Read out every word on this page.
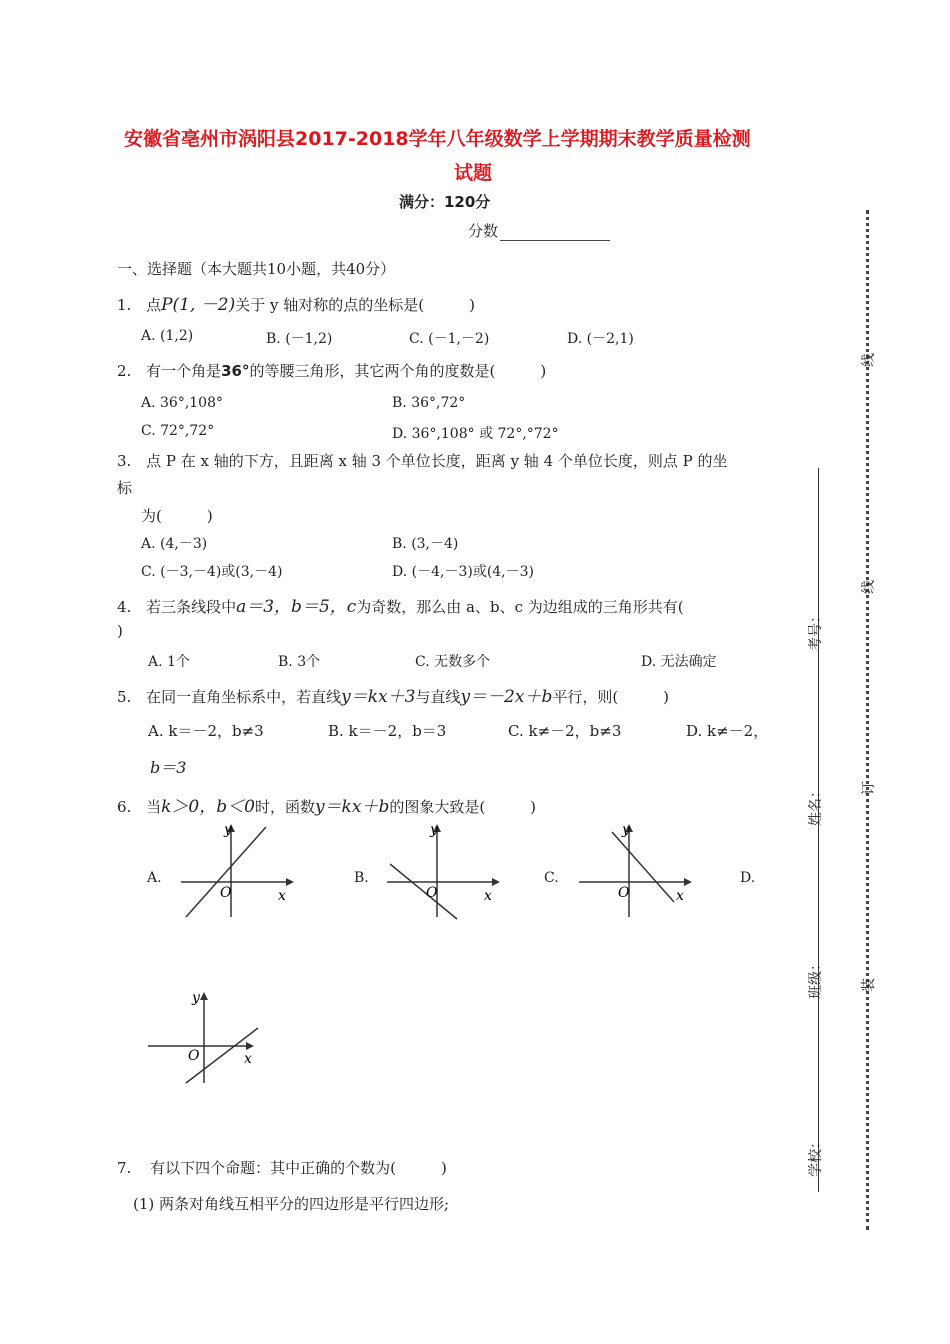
安徽省亳州市涡阳县2017-2018学年八年级数学上学期期末教学质量检测
试题
满分：120分
分数
一、选择题（本大题共10小题，共40分）
1. 点P(1, －2)关于 y 轴对称的点的坐标是(　　　)
A. (1,2)	B. (－1,2)	C. (－1,－2)	D. (－2,1)
2. 有一个角是36°的等腰三角形，其它两个角的度数是(　　　)
A. 36°,108°	B. 36°,72°
C. 72°,72°	D. 36°,108° 或 72°,°72°
3. 点 P 在 x 轴的下方，且距离 x 轴 3 个单位长度，距离 y 轴 4 个单位长度，则点 P 的坐
标
为(　　　)
A. (4,－3)	B. (3,－4)
C. (－3,－4)或(3,－4)	D. (－4,－3)或(4,－3)
4. 若三条线段中a＝3，b＝5，c为奇数，那么由 a、b、c 为边组成的三角形共有(
)
A. 1个	B. 3个	C. 无数多个	D. 无法确定
5. 在同一直角坐标系中，若直线y＝kx＋3与直线y＝－2x＋b平行，则(　　　)
A. k＝－2，b≠3	B. k＝－2，b＝3	C. k≠－2，b≠3	D. k≠－2，
b＝3
6. 当k＞0，b＜0时，函数y＝kx＋b的图象大致是(　　　)
A.	B.	C.	D.
y
x
O
y
x
O
y
x
O
y
x
O
7. 有以下四个命题：其中正确的个数为(　　　)
(1) 两条对角线互相平分的四边形是平行四边形;
考号：
姓名：
班级：
学校：
线
线
订
装
